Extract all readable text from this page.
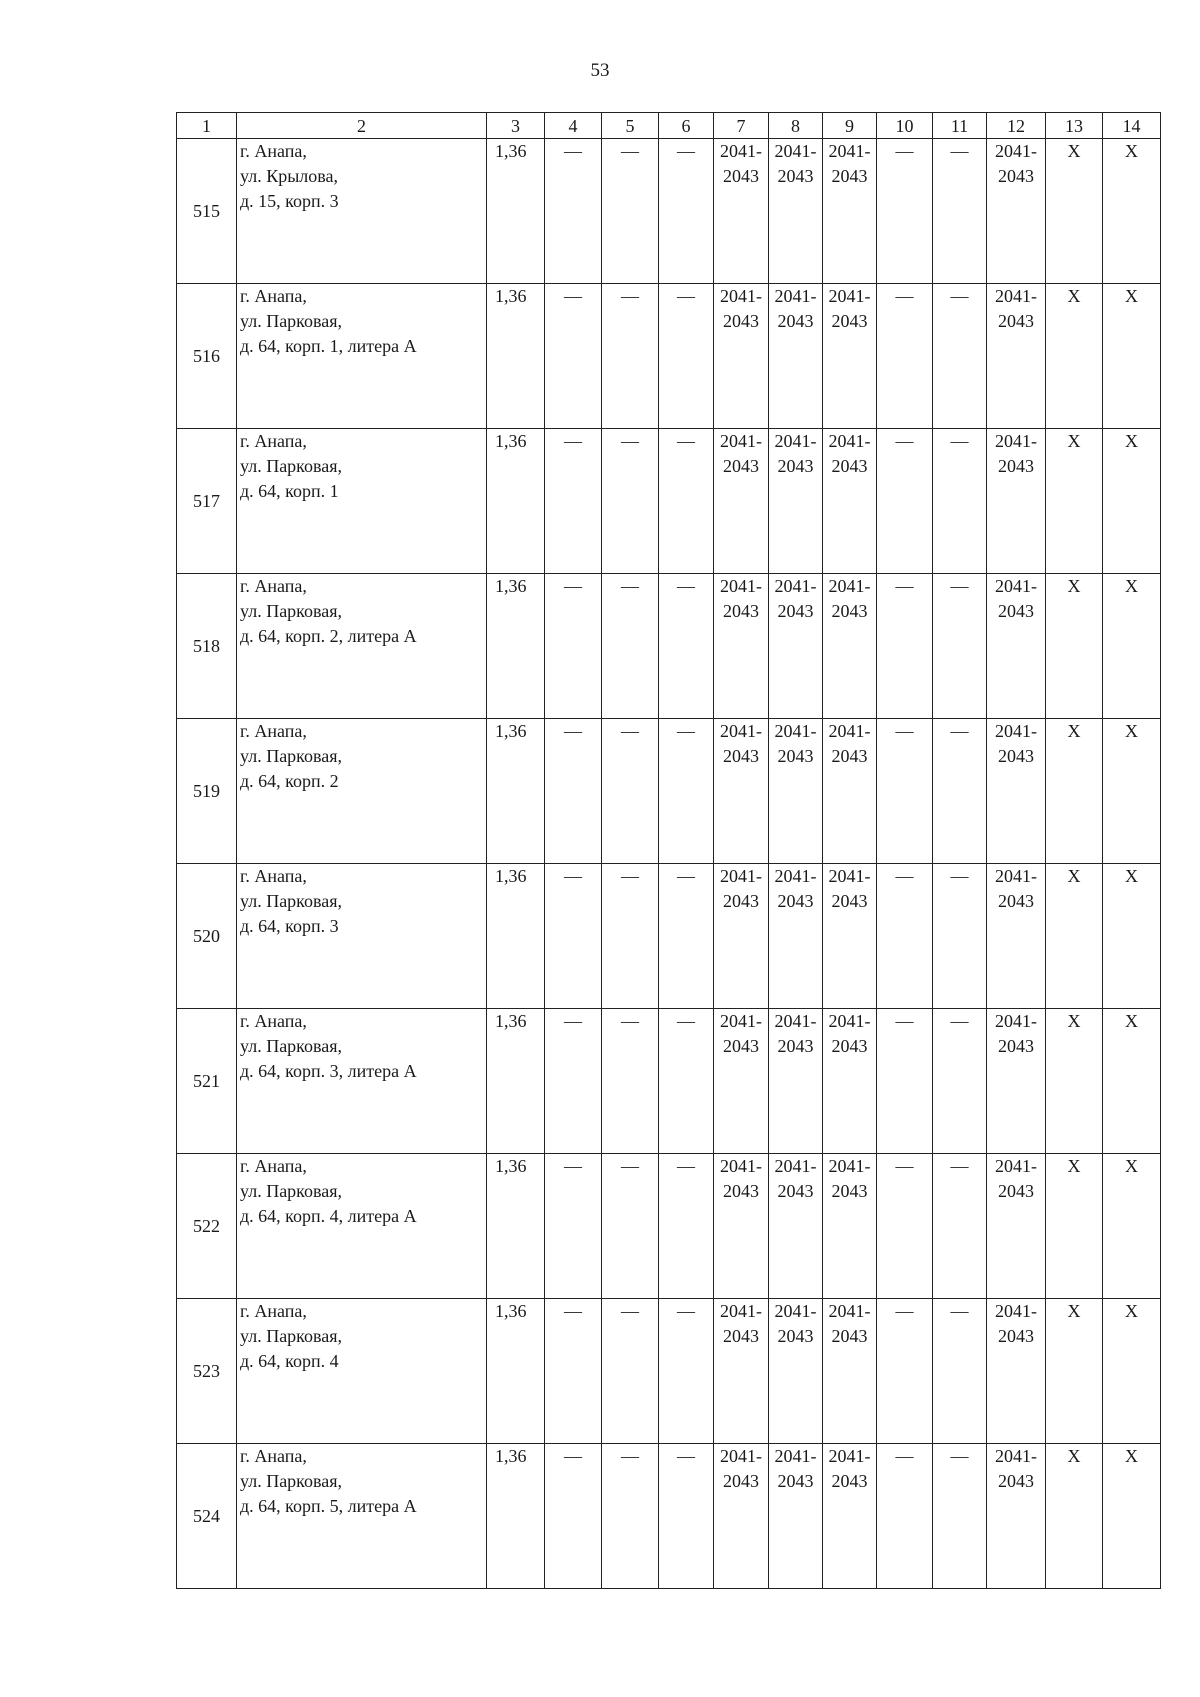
53
1	2	3	4	5	6	7	8	9	10	11	12	13	14
515	г. Анапа,
ул. Крылова,
д. 15, корп. 3	1,36	—	—	—	2041-
2043	2041-
2043	2041-
2043	—	—	2041-
2043	Х	Х
516	г. Анапа,
ул. Парковая,
д. 64, корп. 1, литера А	1,36	—	—	—	2041-
2043	2041-
2043	2041-
2043	—	—	2041-
2043	Х	Х
517	г. Анапа,
ул. Парковая,
д. 64, корп. 1	1,36	—	—	—	2041-
2043	2041-
2043	2041-
2043	—	—	2041-
2043	Х	Х
518	г. Анапа,
ул. Парковая,
д. 64, корп. 2, литера А	1,36	—	—	—	2041-
2043	2041-
2043	2041-
2043	—	—	2041-
2043	Х	Х
519	г. Анапа,
ул. Парковая,
д. 64, корп. 2	1,36	—	—	—	2041-
2043	2041-
2043	2041-
2043	—	—	2041-
2043	Х	Х
520	г. Анапа,
ул. Парковая,
д. 64, корп. 3	1,36	—	—	—	2041-
2043	2041-
2043	2041-
2043	—	—	2041-
2043	Х	Х
521	г. Анапа,
ул. Парковая,
д. 64, корп. 3, литера А	1,36	—	—	—	2041-
2043	2041-
2043	2041-
2043	—	—	2041-
2043	Х	Х
522	г. Анапа,
ул. Парковая,
д. 64, корп. 4, литера А	1,36	—	—	—	2041-
2043	2041-
2043	2041-
2043	—	—	2041-
2043	Х	Х
523	г. Анапа,
ул. Парковая,
д. 64, корп. 4	1,36	—	—	—	2041-
2043	2041-
2043	2041-
2043	—	—	2041-
2043	Х	Х
524	г. Анапа,
ул. Парковая,
д. 64, корп. 5, литера А	1,36	—	—	—	2041-
2043	2041-
2043	2041-
2043	—	—	2041-
2043	Х	Х
